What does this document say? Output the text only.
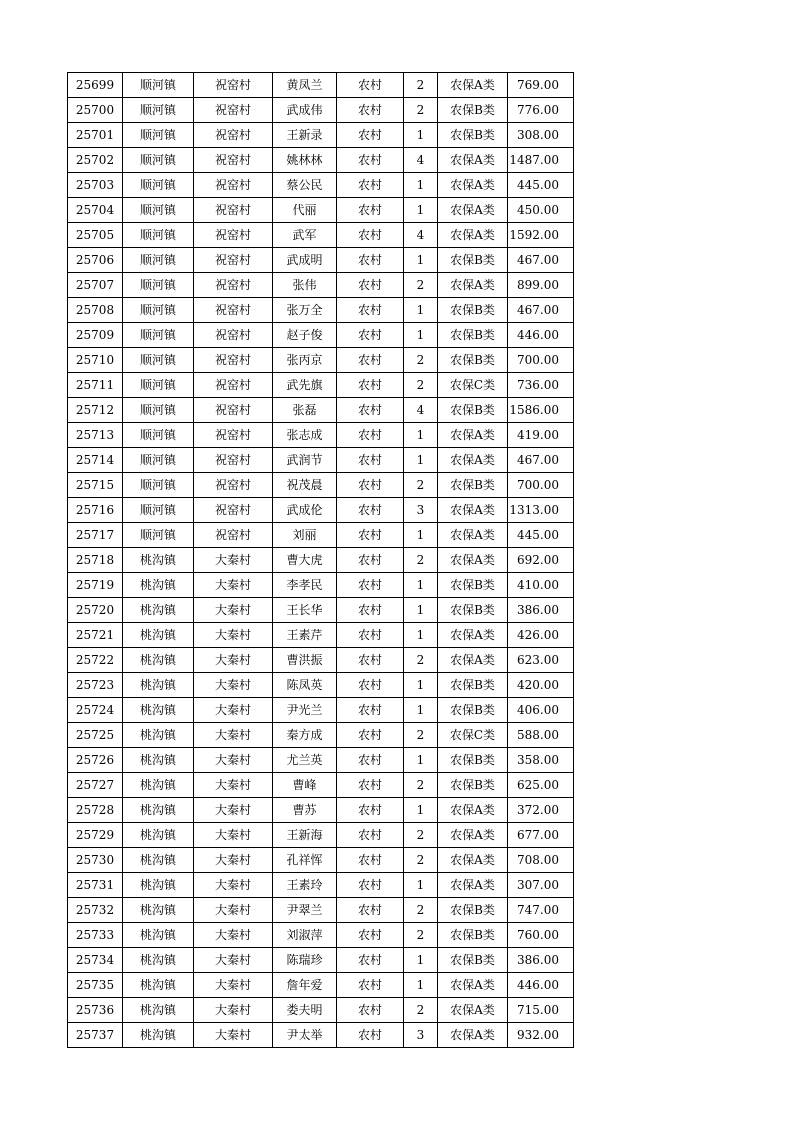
25699	顺河镇	祝窑村	黄凤兰	农村	2	农保A类	769.00
25700	顺河镇	祝窑村	武成伟	农村	2	农保B类	776.00
25701	顺河镇	祝窑村	王新录	农村	1	农保B类	308.00
25702	顺河镇	祝窑村	姚林林	农村	4	农保A类	1487.00
25703	顺河镇	祝窑村	蔡公民	农村	1	农保A类	445.00
25704	顺河镇	祝窑村	代丽	农村	1	农保A类	450.00
25705	顺河镇	祝窑村	武军	农村	4	农保A类	1592.00
25706	顺河镇	祝窑村	武成明	农村	1	农保B类	467.00
25707	顺河镇	祝窑村	张伟	农村	2	农保A类	899.00
25708	顺河镇	祝窑村	张万全	农村	1	农保B类	467.00
25709	顺河镇	祝窑村	赵子俊	农村	1	农保B类	446.00
25710	顺河镇	祝窑村	张丙京	农村	2	农保B类	700.00
25711	顺河镇	祝窑村	武先旗	农村	2	农保C类	736.00
25712	顺河镇	祝窑村	张磊	农村	4	农保B类	1586.00
25713	顺河镇	祝窑村	张志成	农村	1	农保A类	419.00
25714	顺河镇	祝窑村	武润节	农村	1	农保A类	467.00
25715	顺河镇	祝窑村	祝茂晨	农村	2	农保B类	700.00
25716	顺河镇	祝窑村	武成伦	农村	3	农保A类	1313.00
25717	顺河镇	祝窑村	刘丽	农村	1	农保A类	445.00
25718	桃沟镇	大秦村	曹大虎	农村	2	农保A类	692.00
25719	桃沟镇	大秦村	李孝民	农村	1	农保B类	410.00
25720	桃沟镇	大秦村	王长华	农村	1	农保B类	386.00
25721	桃沟镇	大秦村	王素芹	农村	1	农保A类	426.00
25722	桃沟镇	大秦村	曹洪振	农村	2	农保A类	623.00
25723	桃沟镇	大秦村	陈凤英	农村	1	农保B类	420.00
25724	桃沟镇	大秦村	尹光兰	农村	1	农保B类	406.00
25725	桃沟镇	大秦村	秦方成	农村	2	农保C类	588.00
25726	桃沟镇	大秦村	尤兰英	农村	1	农保B类	358.00
25727	桃沟镇	大秦村	曹峰	农村	2	农保B类	625.00
25728	桃沟镇	大秦村	曹苏	农村	1	农保A类	372.00
25729	桃沟镇	大秦村	王新海	农村	2	农保A类	677.00
25730	桃沟镇	大秦村	孔祥恽	农村	2	农保A类	708.00
25731	桃沟镇	大秦村	王素玲	农村	1	农保A类	307.00
25732	桃沟镇	大秦村	尹翠兰	农村	2	农保B类	747.00
25733	桃沟镇	大秦村	刘淑萍	农村	2	农保B类	760.00
25734	桃沟镇	大秦村	陈瑞珍	农村	1	农保B类	386.00
25735	桃沟镇	大秦村	詹年爱	农村	1	农保A类	446.00
25736	桃沟镇	大秦村	娄夫明	农村	2	农保A类	715.00
25737	桃沟镇	大秦村	尹太举	农村	3	农保A类	932.00
